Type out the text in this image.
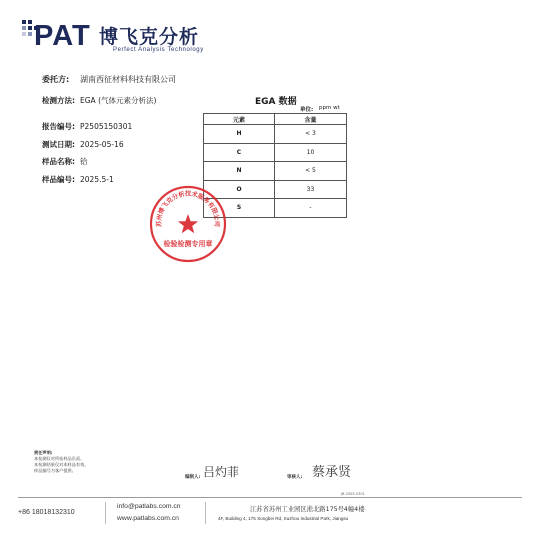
PAT 博飞克分析
Perfect Analysis Technology
委托方: 湖南西征材料科技有限公司
检测方法: EGA (气体元素分析法)
报告编号: P2505150301
测试日期: 2025-05-16
样品名称: 铪
样品编号: 2025.5-1
EGA 数据
单位: ppm wt
元素	含量
H	< 3
C	10
N	< 5
O	33
S	-
苏州博飞克分析技术服务有限公司
检验检测专用章
责任声明:
本检测仅对所检样品负责。
本检测结果仅对本样品有效。
样品编号为客户提供。
编制人: 吕灼菲	审核人: 蔡承贤
JB-2505-0301
+86 18018132310
info@patlabs.com.cn
www.patlabs.com.cn
江苏省苏州工业园区淞北路175号4幢4楼
4F, Building 4, 175 Songbei Rd, Suzhou Industrial Park, Jiangsu
